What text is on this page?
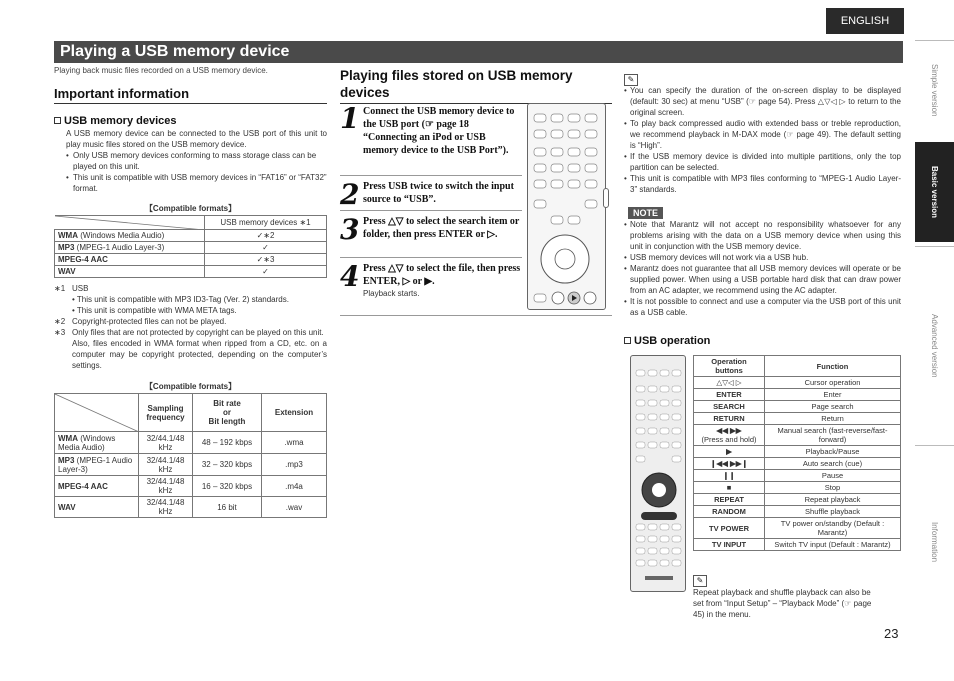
ENGLISH
Playing a USB memory device
Playing back music files recorded on a USB memory device.	Simple version
Basic version
Advanced version
Information
Important information
USB memory devices
A USB memory device can be connected to the USB port of this unit to play music files stored on the USB memory device.
• Only USB memory devices conforming to mass storage class can be played on this unit.
• This unit is compatible with USB memory devices in “FAT16” or “FAT32” format.
【Compatible formats】
	USB memory devices ∗1
WMA (Windows Media Audio)	✓∗2
MP3 (MPEG-1 Audio Layer-3)	✓
MPEG-4 AAC	✓∗3
WAV	✓
∗1 USB
• This unit is compatible with MP3 ID3-Tag (Ver. 2) standards.
• This unit is compatible with WMA META tags.
∗2 Copyright-protected files can not be played.
∗3 Only files that are not protected by copyright can be played on this unit.
Also, files encoded in WMA format when ripped from a CD, etc. on a computer may be copyright protected, depending on the computer’s settings.
【Compatible formats】
	Sampling
frequency	Bit rate
or
Bit length	Extension
WMA (Windows Media Audio)	32/44.1/48 kHz	48 – 192 kbps	.wma
MP3 (MPEG-1 Audio Layer-3)	32/44.1/48 kHz	32 – 320 kbps	.mp3
MPEG-4 AAC	32/44.1/48 kHz	16 – 320 kbps	.m4a
WAV	32/44.1/48 kHz	16 bit	.wav
Playing files stored on USB memory devices
1 Connect the USB memory device to the USB port (☞ page 18 “Connecting an iPod or USB memory device to the USB Port”).
2 Press USB twice to switch the input source to “USB”.
3 Press △▽ to select the search item or folder, then press ENTER or ▷.
4 Press △▽ to select the file, then press ENTER, ▷ or ▶.
Playback starts.
✎
• You can specify the duration of the on-screen display to be displayed (default: 30 sec) at menu “USB” (☞ page 54). Press △▽◁ ▷ to return to the original screen.
• To play back compressed audio with extended bass or treble reproduction, we recommend playback in M-DAX mode (☞ page 49). The default setting is “High”.
• If the USB memory device is divided into multiple partitions, only the top partition can be selected.
• This unit is compatible with MP3 files conforming to “MPEG-1 Audio Layer-3” standards.
NOTE
• Note that Marantz will not accept no responsibility whatsoever for any problems arising with the data on a USB memory device when using this unit in conjunction with the USB memory device.
• USB memory devices will not work via a USB hub.
• Marantz does not guarantee that all USB memory devices will operate or be supplied power. When using a USB portable hard disk that can draw power from an AC adapter, we recommend using the AC adapter.
• It is not possible to connect and use a computer via the USB port of this unit as a USB cable.
USB operation
Operation buttons	Function
△▽◁ ▷	Cursor operation
ENTER	Enter
SEARCH	Page search
RETURN	Return

◀◀ ▶▶
(Press and hold)	Manual search (fast-reverse/fast-forward)
▶	Playback/Pause
❙◀◀ ▶▶❙	Auto search (cue)
❙❙	Pause
■	Stop
REPEAT	Repeat playback
RANDOM	Shuffle playback
TV POWER	TV power on/standby (Default : Marantz)
TV INPUT	Switch TV input (Default : Marantz)
✎
Repeat playback and shuffle playback can also be set from “Input Setup” – “Playback Mode” (☞ page 45) in the menu.
23
